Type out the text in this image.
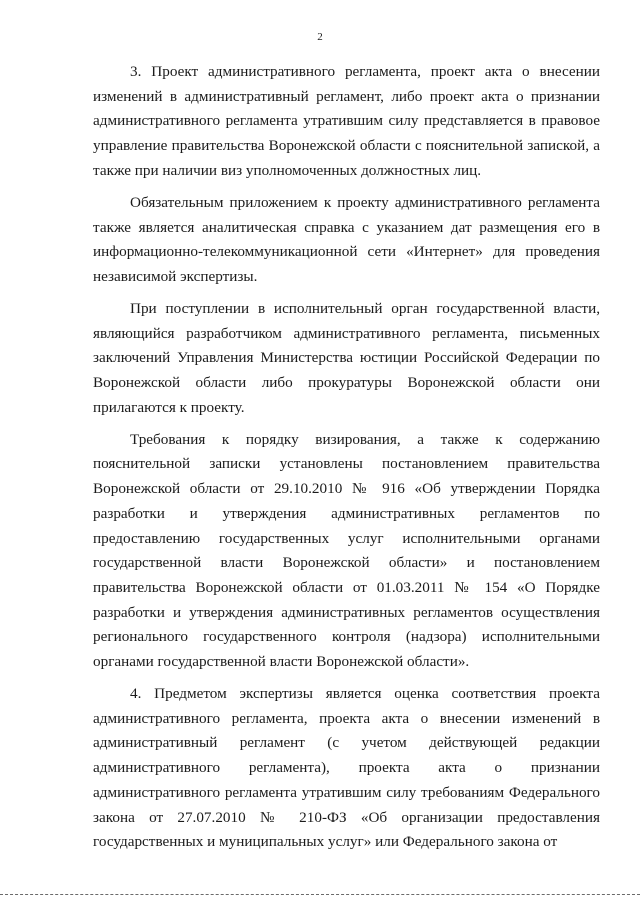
2

3. Проект административного регламента, проект акта о внесении изменений в административный регламент, либо проект акта о признании административного регламента утратившим силу представляется в правовое управление правительства Воронежской области с пояснительной запиской, а также при наличии виз уполномоченных должностных лиц.

Обязательным приложением к проекту административного регламента также является аналитическая справка с указанием дат размещения его в информационно-телекоммуникационной сети «Интернет» для проведения независимой экспертизы.

При поступлении в исполнительный орган государственной власти, являющийся разработчиком административного регламента, письменных заключений Управления Министерства юстиции Российской Федерации по Воронежской области либо прокуратуры Воронежской области они прилагаются к проекту.

Требования к порядку визирования, а также к содержанию пояснительной записки установлены постановлением правительства Воронежской области от 29.10.2010 № 916 «Об утверждении Порядка разработки и утверждения административных регламентов по предоставлению государственных услуг исполнительными органами государственной власти Воронежской области» и постановлением правительства Воронежской области от 01.03.2011 № 154 «О Порядке разработки и утверждения административных регламентов осуществления регионального государственного контроля (надзора) исполнительными органами государственной власти Воронежской области».

4. Предметом экспертизы является оценка соответствия проекта административного регламента, проекта акта о внесении изменений в административный регламент (с учетом действующей редакции административного регламента), проекта акта о признании административного регламента утратившим силу требованиям Федерального закона от 27.07.2010 № 210-ФЗ «Об организации предоставления государственных и муниципальных услуг» или Федерального закона от
